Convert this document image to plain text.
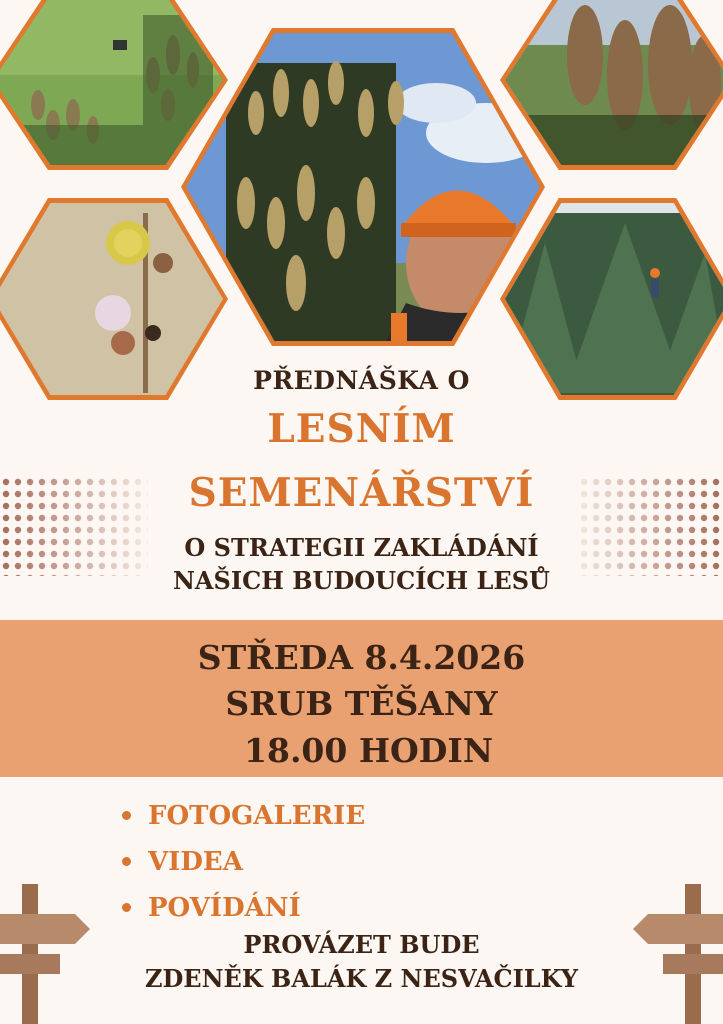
PŘEDNÁŠKA O
LESNÍM
SEMENÁŘSTVÍ

O STRATEGII ZAKLÁDÁNÍ

NAŠICH BUDOUCÍCH LESŮ

STŘEDA 8.4.2026

SRUB TĚŠANY

18.00 HODIN

FOTOGALERIE
VIDEA
POVÍDÁNÍ

PROVÁZET BUDE

ZDENĚK BALÁK Z NESVAČILKY
